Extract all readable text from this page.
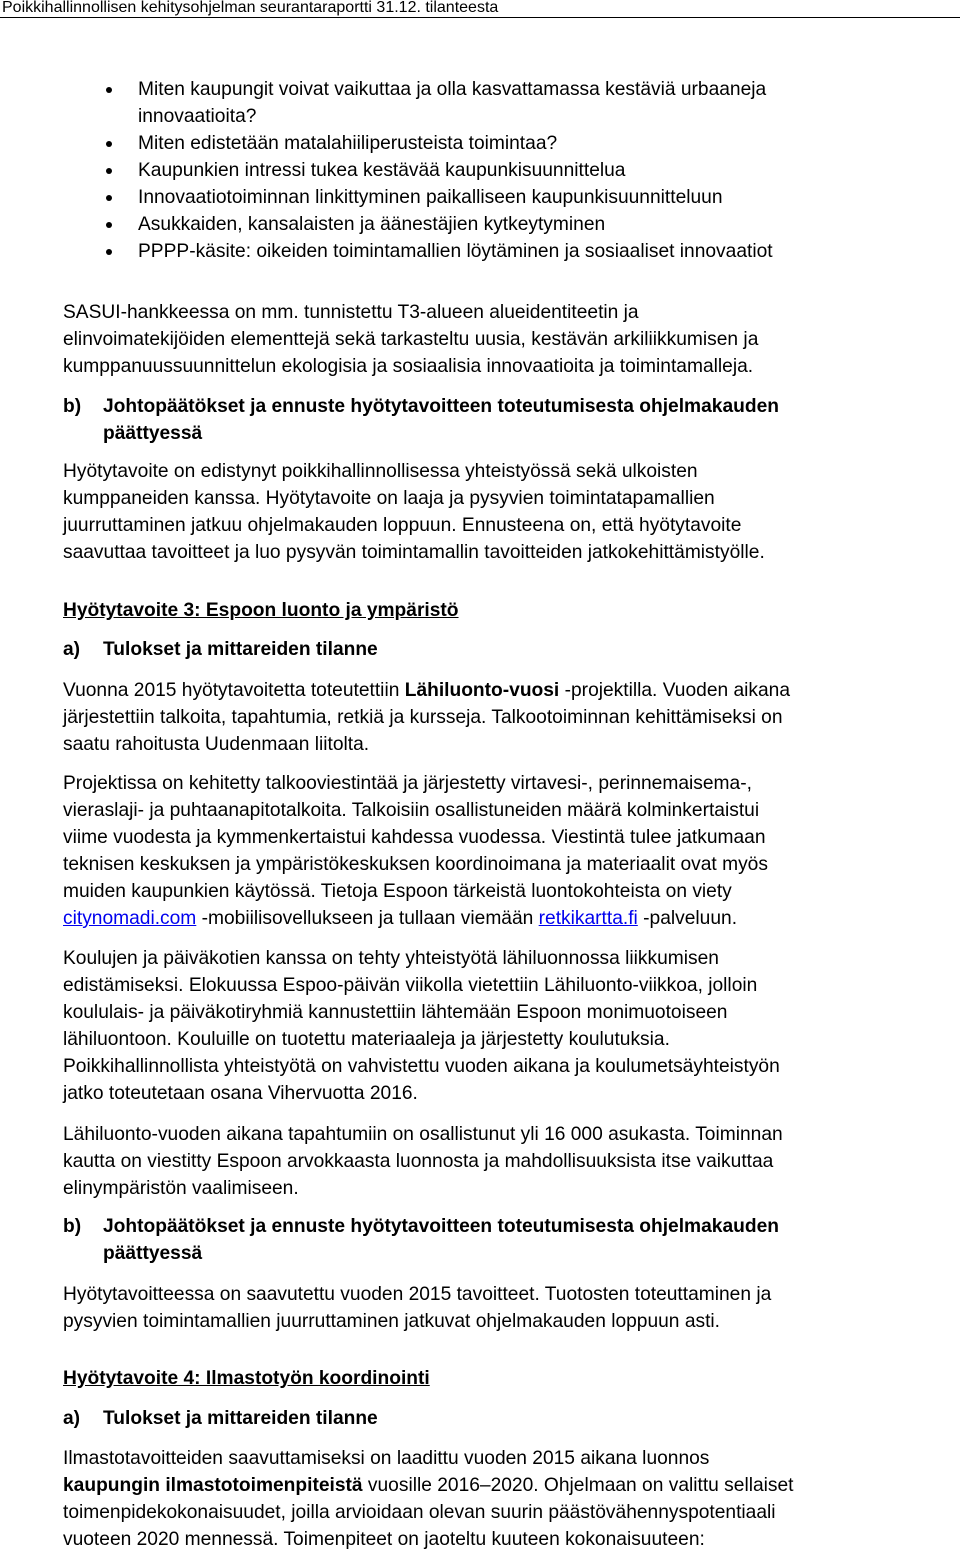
Poikkihallinnollisen kehitysohjelman seurantaraportti 31.12. tilanteesta
Miten kaupungit voivat vaikuttaa ja olla kasvattamassa kestäviä urbaaneja
innovaatioita?
Miten edistetään matalahiiliperusteista toimintaa?
Kaupunkien intressi tukea kestävää kaupunkisuunnittelua
Innovaatiotoiminnan linkittyminen paikalliseen kaupunkisuunnitteluun
Asukkaiden, kansalaisten ja äänestäjien kytkeytyminen
PPPP-käsite: oikeiden toimintamallien löytäminen ja sosiaaliset innovaatiot

SASUI-hankkeessa on mm. tunnistettu T3-alueen alueidentiteetin ja
elinvoimatekijöiden elementtejä sekä tarkasteltu uusia, kestävän arkiliikkumisen ja
kumppanuussuunnittelun ekologisia ja sosiaalisia innovaatioita ja toimintamalleja.

b) Johtopäätökset ja ennuste hyötytavoitteen toteutumisesta ohjelmakauden
päättyessä

Hyötytavoite on edistynyt poikkihallinnollisessa yhteistyössä sekä ulkoisten
kumppaneiden kanssa. Hyötytavoite on laaja ja pysyvien toimintatapamallien
juurruttaminen jatkuu ohjelmakauden loppuun. Ennusteena on, että hyötytavoite
saavuttaa tavoitteet ja luo pysyvän toimintamallin tavoitteiden jatkokehittämistyölle.

Hyötytavoite 3: Espoon luonto ja ympäristö

a) Tulokset ja mittareiden tilanne

Vuonna 2015 hyötytavoitetta toteutettiin Lähiluonto-vuosi -projektilla. Vuoden aikana
järjestettiin talkoita, tapahtumia, retkiä ja kursseja. Talkootoiminnan kehittämiseksi on
saatu rahoitusta Uudenmaan liitolta.

Projektissa on kehitetty talkooviestintää ja järjestetty virtavesi-, perinnemaisema-,
vieraslaji- ja puhtaanapitotalkoita. Talkoisiin osallistuneiden määrä kolminkertaistui
viime vuodesta ja kymmenkertaistui kahdessa vuodessa. Viestintä tulee jatkumaan
teknisen keskuksen ja ympäristökeskuksen koordinoimana ja materiaalit ovat myös
muiden kaupunkien käytössä. Tietoja Espoon tärkeistä luontokohteista on viety
citynomadi.com -mobiilisovellukseen ja tullaan viemään retkikartta.fi -palveluun.

Koulujen ja päiväkotien kanssa on tehty yhteistyötä lähiluonnossa liikkumisen
edistämiseksi. Elokuussa Espoo-päivän viikolla vietettiin Lähiluonto-viikkoa, jolloin
koululais- ja päiväkotiryhmiä kannustettiin lähtemään Espoon monimuotoiseen
lähiluontoon. Kouluille on tuotettu materiaaleja ja järjestetty koulutuksia.
Poikkihallinnollista yhteistyötä on vahvistettu vuoden aikana ja koulumetsäyhteistyön
jatko toteutetaan osana Vihervuotta 2016.

Lähiluonto-vuoden aikana tapahtumiin on osallistunut yli 16 000 asukasta. Toiminnan
kautta on viestitty Espoon arvokkaasta luonnosta ja mahdollisuuksista itse vaikuttaa
elinympäristön vaalimiseen.

b) Johtopäätökset ja ennuste hyötytavoitteen toteutumisesta ohjelmakauden
päättyessä

Hyötytavoitteessa on saavutettu vuoden 2015 tavoitteet. Tuotosten toteuttaminen ja
pysyvien toimintamallien juurruttaminen jatkuvat ohjelmakauden loppuun asti.

Hyötytavoite 4: Ilmastotyön koordinointi

a) Tulokset ja mittareiden tilanne

Ilmastotavoitteiden saavuttamiseksi on laadittu vuoden 2015 aikana luonnos
kaupungin ilmastotoimenpiteistä vuosille 2016–2020. Ohjelmaan on valittu sellaiset
toimenpidekokonaisuudet, joilla arvioidaan olevan suurin päästövähennyspotentiaali
vuoteen 2020 mennessä. Toimenpiteet on jaoteltu kuuteen kokonaisuuteen:
